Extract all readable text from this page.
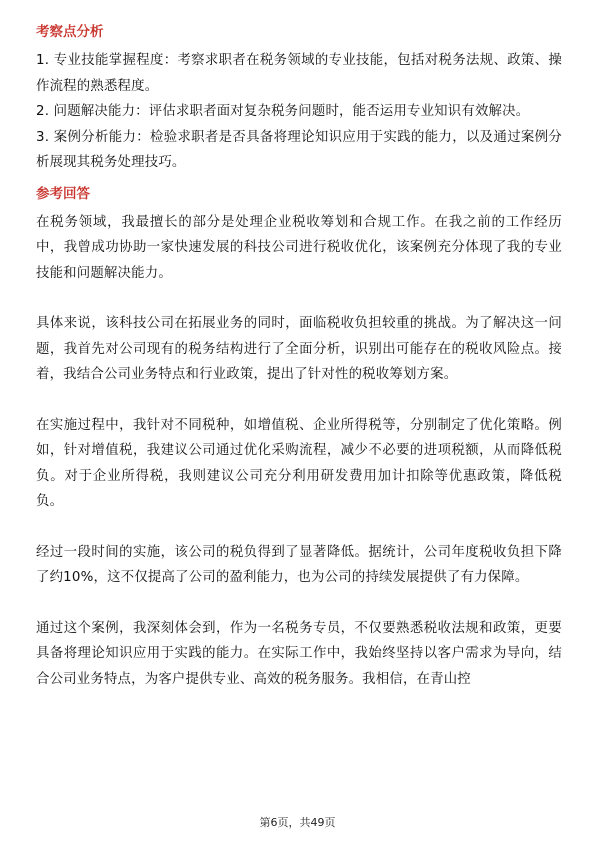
考察点分析

1. 专业技能掌握程度：考察求职者在税务领域的专业技能，包括对税务法规、政策、操作流程的熟悉程度。

2. 问题解决能力：评估求职者面对复杂税务问题时，能否运用专业知识有效解决。

3. 案例分析能力：检验求职者是否具备将理论知识应用于实践的能力，以及通过案例分析展现其税务处理技巧。

参考回答

在税务领域，我最擅长的部分是处理企业税收筹划和合规工作。在我之前的工作经历中，我曾成功协助一家快速发展的科技公司进行税收优化，该案例充分体现了我的专业技能和问题解决能力。

具体来说，该科技公司在拓展业务的同时，面临税收负担较重的挑战。为了解决这一问题，我首先对公司现有的税务结构进行了全面分析，识别出可能存在的税收风险点。接着，我结合公司业务特点和行业政策，提出了针对性的税收筹划方案。

在实施过程中，我针对不同税种，如增值税、企业所得税等，分别制定了优化策略。例如，针对增值税，我建议公司通过优化采购流程，减少不必要的进项税额，从而降低税负。对于企业所得税，我则建议公司充分利用研发费用加计扣除等优惠政策，降低税负。

经过一段时间的实施，该公司的税负得到了显著降低。据统计，公司年度税收负担下降了约10%，这不仅提高了公司的盈利能力，也为公司的持续发展提供了有力保障。

通过这个案例，我深刻体会到，作为一名税务专员，不仅要熟悉税收法规和政策，更要具备将理论知识应用于实践的能力。在实际工作中，我始终坚持以客户需求为导向，结合公司业务特点，为客户提供专业、高效的税务服务。我相信，在青山控

第6页，共49页
